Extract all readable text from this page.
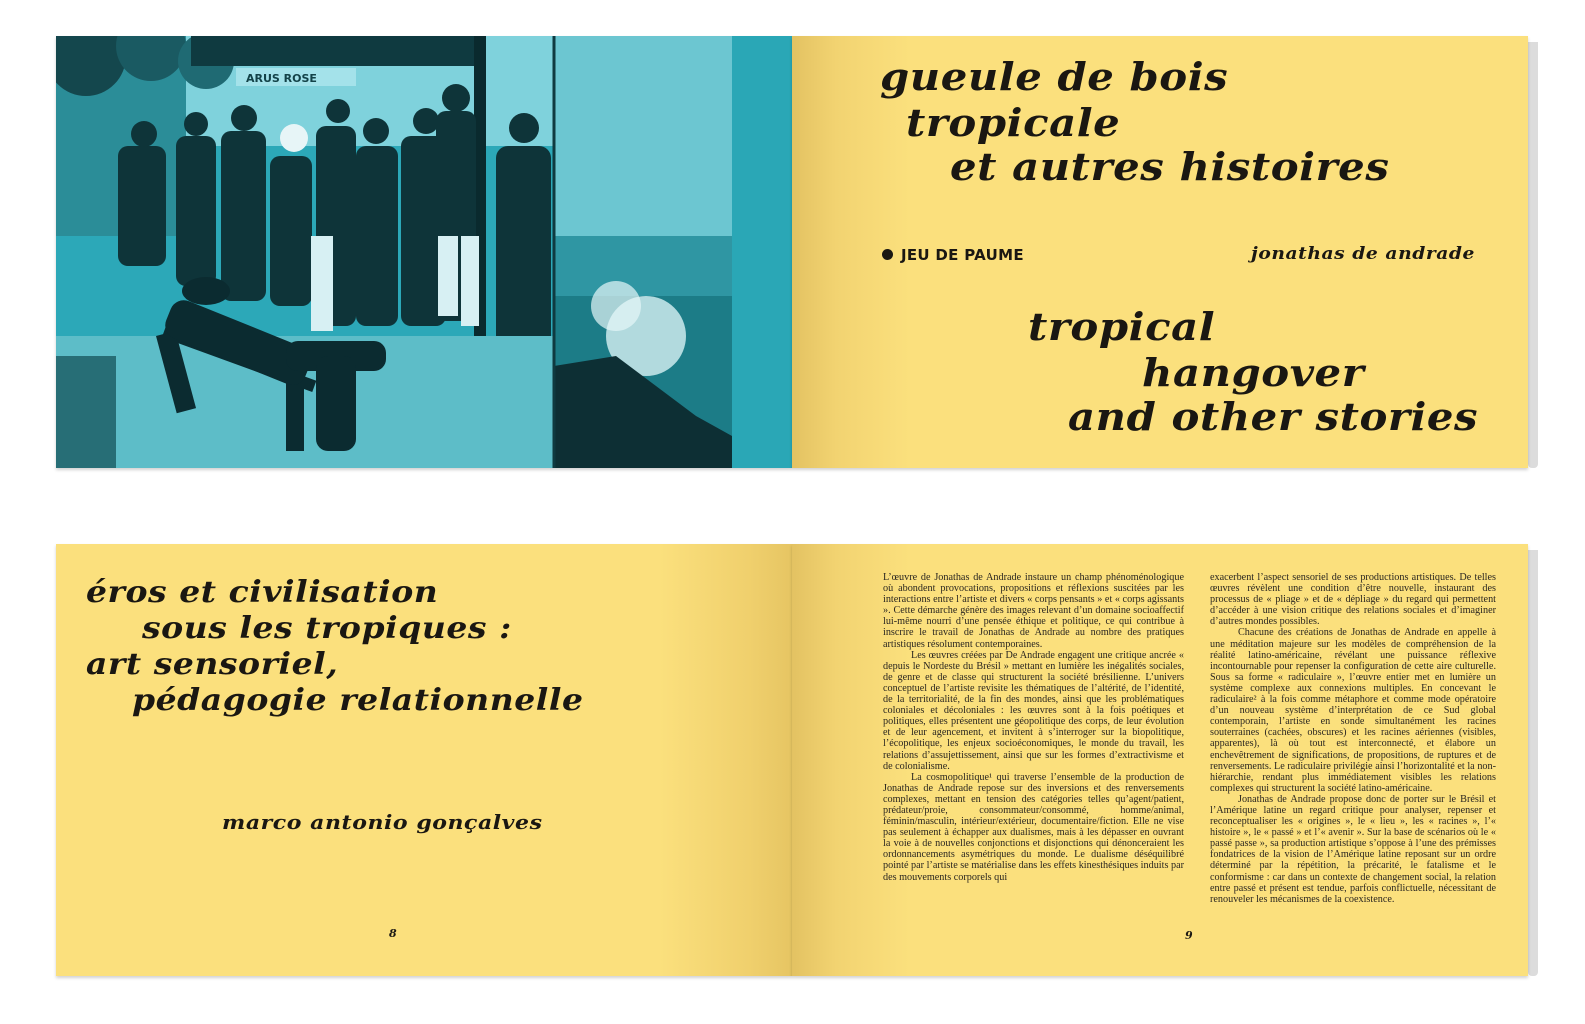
ARUS ROSE	gueule de bois
tropicale
et autres histoires
JEU DE PAUME	jonathas de andrade
tropical
hangover
and other stories
éros et civilisation
sous les tropiques :
art sensoriel,
pédagogie relationnelle
marco antonio gonçalves
8

L’œuvre de Jonathas de Andrade instaure un champ phénoménologique où abondent provocations, propositions et réflexions suscitées par les interactions entre l’artiste et divers « corps pensants » et « corps agissants ». Cette démarche génère des images relevant d’un domaine socioaffectif lui-même nourri d’une pensée éthique et politique, ce qui contribue à inscrire le travail de Jonathas de Andrade au nombre des pratiques artistiques résolument contemporaines.

Les œuvres créées par De Andrade engagent une critique ancrée « depuis le Nordeste du Brésil » mettant en lumière les inégalités sociales, de genre et de classe qui structurent la société brésilienne. L’univers conceptuel de l’artiste revisite les thématiques de l’altérité, de l’identité, de la territorialité, de la fin des mondes, ainsi que les problématiques coloniales et décoloniales : les œuvres sont à la fois poétiques et politiques, elles présentent une géopolitique des corps, de leur évolution et de leur agencement, et invitent à s’interroger sur la biopolitique, l’écopolitique, les enjeux socioéconomiques, le monde du travail, les relations d’assujettissement, ainsi que sur les formes d’extractivisme et de colonialisme.

La cosmopolitique¹ qui traverse l’ensemble de la production de Jonathas de Andrade repose sur des inversions et des renversements complexes, mettant en tension des catégories telles qu’agent/patient, prédateur/proie, consommateur/consommé, homme/animal, féminin/masculin, intérieur/extérieur, documentaire/fiction. Elle ne vise pas seulement à échapper aux dualismes, mais à les dépasser en ouvrant la voie à de nouvelles conjonctions et disjonctions qui dénonceraient les ordonnancements asymétriques du monde. Le dualisme déséquilibré pointé par l’artiste se matérialise dans les effets kinesthésiques induits par des mouvements corporels qui

9

exacerbent l’aspect sensoriel de ses productions artistiques. De telles œuvres révèlent une condition d’être nouvelle, instaurant des processus de « pliage » et de « dépliage » du regard qui permettent d’accéder à une vision critique des relations sociales et d’imaginer d’autres mondes possibles.

Chacune des créations de Jonathas de Andrade en appelle à une méditation majeure sur les modèles de compréhension de la réalité latino-américaine, révélant une puissance réflexive incontournable pour repenser la configuration de cette aire culturelle. Sous sa forme « radiculaire », l’œuvre entier met en lumière un système complexe aux connexions multiples. En concevant le radiculaire² à la fois comme métaphore et comme mode opératoire d’un nouveau système d’interprétation de ce Sud global contemporain, l’artiste en sonde simultanément les racines souterraines (cachées, obscures) et les racines aériennes (visibles, apparentes), là où tout est interconnecté, et élabore un enchevêtrement de significations, de propositions, de ruptures et de renversements. Le radiculaire privilégie ainsi l’horizontalité et la non-hiérarchie, rendant plus immédiatement visibles les relations complexes qui structurent la société latino-américaine.

Jonathas de Andrade propose donc de porter sur le Brésil et l’Amérique latine un regard critique pour analyser, repenser et reconceptualiser les « origines », le « lieu », les « racines », l’« histoire », le « passé » et l’« avenir ». Sur la base de scénarios où le « passé passe », sa production artistique s’oppose à l’une des prémisses fondatrices de la vision de l’Amérique latine reposant sur un ordre déterminé par la répétition, la précarité, le fatalisme et le conformisme : car dans un contexte de changement social, la relation entre passé et présent est tendue, parfois conflictuelle, nécessitant de renouveler les mécanismes de la coexistence.
